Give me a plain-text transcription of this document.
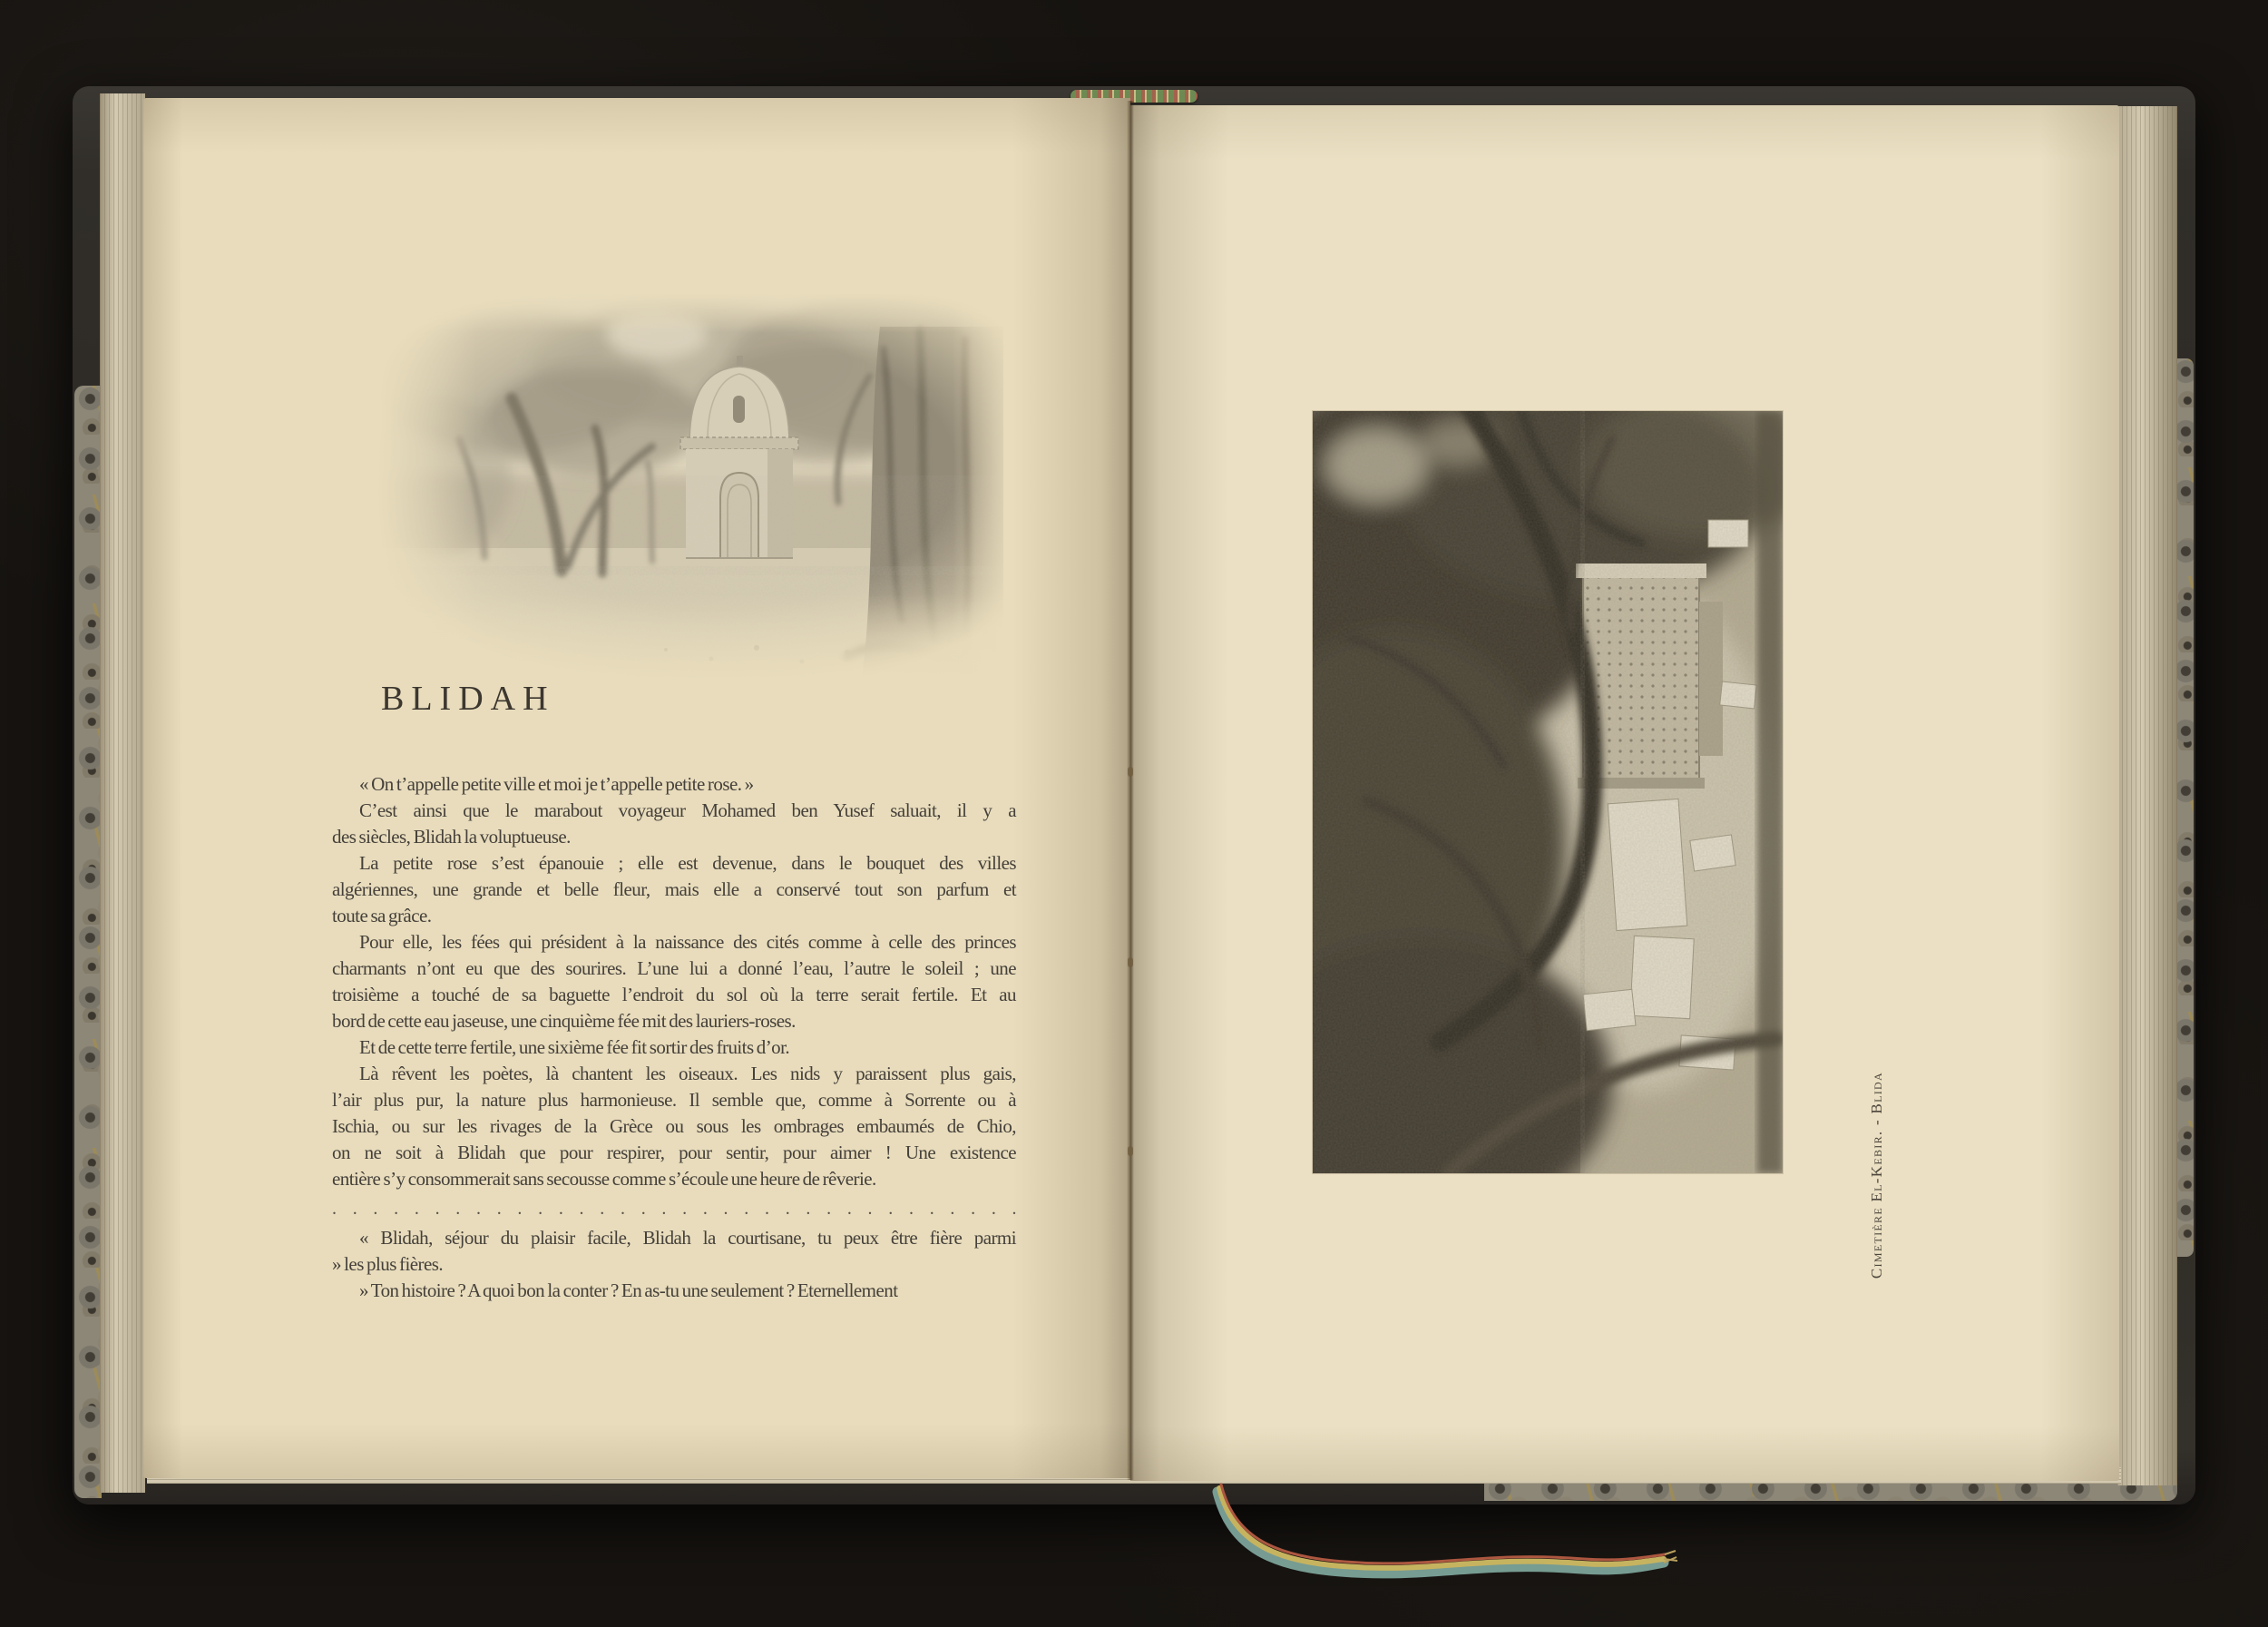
BLIDAH
« On t’appelle petite ville et moi je t’appelle petite rose. »
C’est ainsi que le marabout voyageur Mohamed ben Yusef saluait, il y a
des siècles, Blidah la voluptueuse.
La petite rose s’est épanouie ; elle est devenue, dans le bouquet des villes
algériennes, une grande et belle fleur, mais elle a conservé tout son parfum et
toute sa grâce.
Pour elle, les fées qui président à la naissance des cités comme à celle des princes
charmants n’ont eu que des sourires. L’une lui a donné l’eau, l’autre le soleil ; une
troisième a touché de sa baguette l’endroit du sol où la terre serait fertile. Et au
bord de cette eau jaseuse, une cinquième fée mit des lauriers-roses.
Et de cette terre fertile, une sixième fée fit sortir des fruits d’or.
Là rêvent les poètes, là chantent les oiseaux. Les nids y paraissent plus gais,
l’air plus pur, la nature plus harmonieuse. Il semble que, comme à Sorrente ou à
Ischia, ou sur les rivages de la Grèce ou sous les ombrages embaumés de Chio,
on ne soit à Blidah que pour respirer, pour sentir, pour aimer ! Une existence
entière s’y consommerait sans secousse comme s’écoule une heure de rêverie.
. . . . . . . . . . . . . . . . . . . . . . . . . . . . . . . . . .
« Blidah, séjour du plaisir facile, Blidah la courtisane, tu peux être fière parmi
» les plus fières.
» Ton histoire ? A quoi bon la conter ? En as-tu une seulement ? Eternellement
Cimetière El-Kebir. - Blida
